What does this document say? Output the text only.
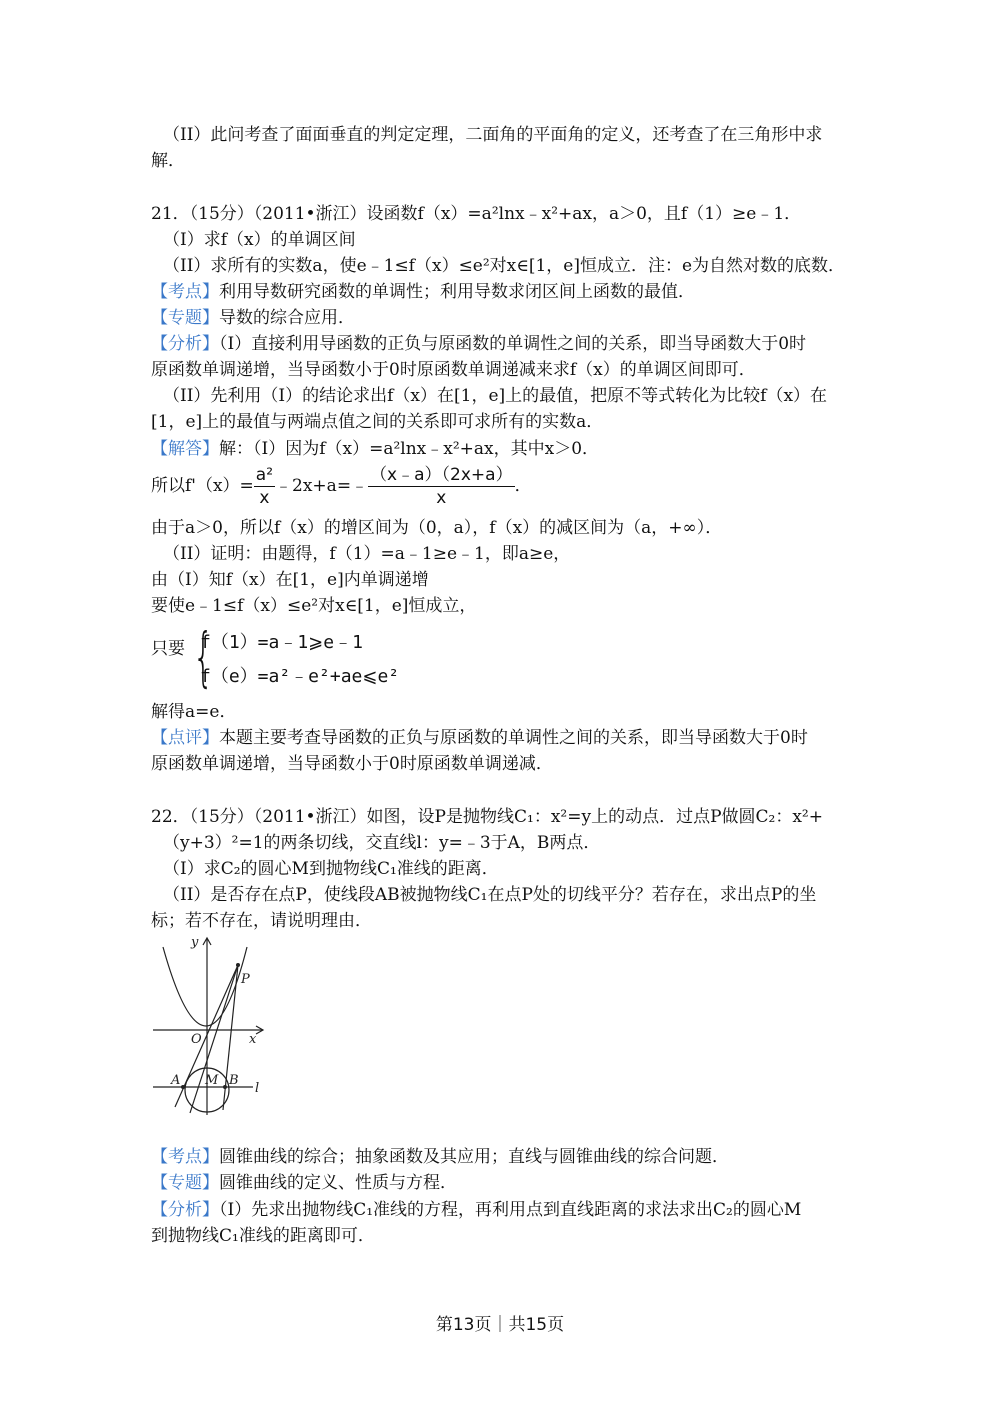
（II）此问考查了面面垂直的判定定理，二面角的平面角的定义，还考查了在三角形中求
解．
21．（15分）（2011•浙江）设函数f（x）=a²lnx﹣x²+ax，a＞0，且f（1）≥e﹣1．
（I）求f（x）的单调区间
（II）求所有的实数a，使e﹣1≤f（x）≤e²对x∈[1，e]恒成立．注：e为自然对数的底数．
【考点】利用导数研究函数的单调性；利用导数求闭区间上函数的最值．
【专题】导数的综合应用．
【分析】（I）直接利用导函数的正负与原函数的单调性之间的关系，即当导函数大于0时
原函数单调递增，当导函数小于0时原函数单调递减来求f（x）的单调区间即可．
（II）先利用（I）的结论求出f（x）在[1，e]上的最值，把原不等式转化为比较f（x）在
[1，e]上的最值与两端点值之间的关系即可求所有的实数a．
【解答】解：（I）因为f（x）=a²lnx﹣x²+ax，其中x＞0．
所以$f'(x)= \frac{\text{a²}}{x}$ ﹣2x+a=﹣ $\frac{(x﹣a)(2x+a)}{x}$ ．
由于a＞0，所以f（x）的增区间为（0，a），f（x）的减区间为（a，+∞）．
（II）证明：由题得，f（1）=a﹣1≥e﹣1，即a≥e，
由（I）知f（x）在[1，e]内单调递增
要使e﹣1≤f（x）≤e²对x∈[1，e]恒成立，
只要 {
f（1）=a﹣1⩾e﹣1
f（e）=a²﹣e²+ae⩽e²
解得a=e．
【点评】本题主要考查导函数的正负与原函数的单调性之间的关系，即当导函数大于0时
原函数单调递增，当导函数小于0时原函数单调递减．
22．（15分）（2011•浙江）如图，设P是抛物线C₁：x²=y上的动点．过点P做圆C₂：x²+
（y+3）²=1的两条切线，交直线l：y=﹣3于A，B两点．
（I）求C₂的圆心M到抛物线C₁准线的距离．
（II）是否存在点P，使线段AB被抛物线C₁在点P处的切线平分？若存在，求出点P的坐
标；若不存在，请说明理由．
y
x
P
O
A M B
l
【考点】圆锥曲线的综合；抽象函数及其应用；直线与圆锥曲线的综合问题．
【专题】圆锥曲线的定义、性质与方程．
【分析】（I）先求出抛物线C₁准线的方程，再利用点到直线距离的求法求出C₂的圆心M
到抛物线C₁准线的距离即可．
第13页｜共15页
